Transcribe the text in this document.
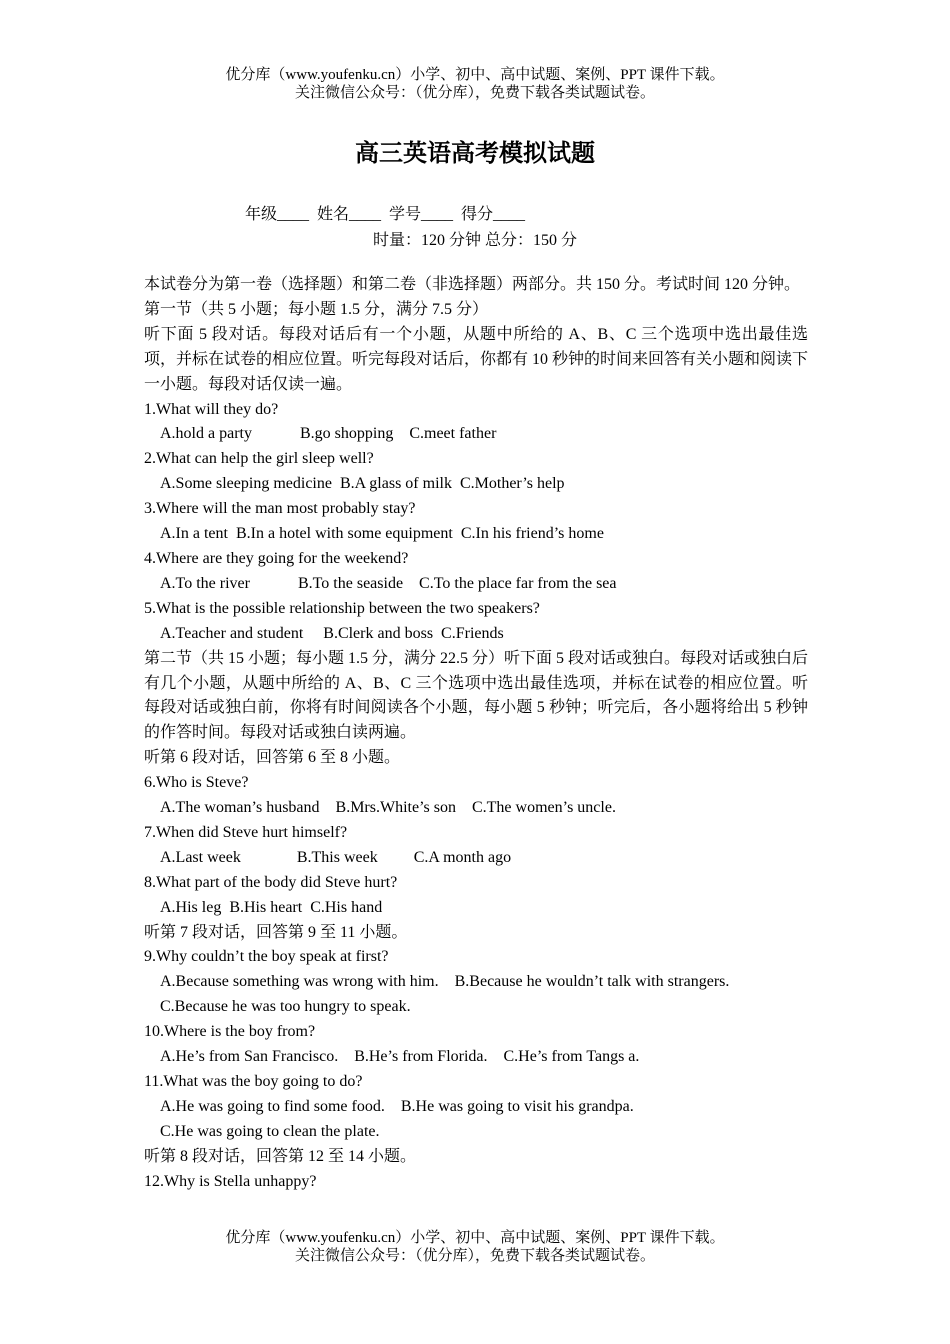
优分库（www.youfenku.cn）小学、初中、高中试题、案例、PPT 课件下载。
关注微信公众号：（优分库），免费下载各类试题试卷。
高三英语高考模拟试题
年级____  姓名____  学号____  得分____
时量：120 分钟 总分：150 分

本试卷分为第一卷（选择题）和第二卷（非选择题）两部分。共 150 分。考试时间 120 分钟。

第一节（共 5 小题；每小题 1.5 分，满分 7.5 分）

听下面 5 段对话。每段对话后有一个小题，从题中所给的 A、B、C 三个选项中选出最佳选项，并标在试卷的相应位置。听完每段对话后，你都有 10 秒钟的时间来回答有关小题和阅读下一小题。每段对话仅读一遍。

1.What will they do?

A.hold a party            B.go shopping    C.meet father

2.What can help the girl sleep well?

A.Some sleeping medicine  B.A glass of milk  C.Mother’s help

3.Where will the man most probably stay?

A.In a tent  B.In a hotel with some equipment  C.In his friend’s home

4.Where are they going for the weekend?

A.To the river            B.To the seaside    C.To the place far from the sea

5.What is the possible relationship between the two speakers?

A.Teacher and student     B.Clerk and boss  C.Friends

第二节（共 15 小题；每小题 1.5 分，满分 22.5 分）听下面 5 段对话或独白。每段对话或独白后有几个小题，从题中所给的 A、B、C 三个选项中选出最佳选项，并标在试卷的相应位置。听每段对话或独白前，你将有时间阅读各个小题，每小题 5 秒钟；听完后，各小题将给出 5 秒钟的作答时间。每段对话或独白读两遍。

听第 6 段对话，回答第 6 至 8 小题。

6.Who is Steve?

A.The woman’s husband    B.Mrs.White’s son    C.The women’s uncle.

7.When did Steve hurt himself?

A.Last week              B.This week         C.A month ago

8.What part of the body did Steve hurt?

A.His leg  B.His heart  C.His hand

听第 7 段对话，回答第 9 至 11 小题。

9.Why couldn’t the boy speak at first?

A.Because something was wrong with him.    B.Because he wouldn’t talk with strangers.

C.Because he was too hungry to speak.

10.Where is the boy from?

A.He’s from San Francisco.    B.He’s from Florida.    C.He’s from Tangs a.

11.What was the boy going to do?

A.He was going to find some food.    B.He was going to visit his grandpa.

C.He was going to clean the plate.

听第 8 段对话，回答第 12 至 14 小题。

12.Why is Stella unhappy?

优分库（www.youfenku.cn）小学、初中、高中试题、案例、PPT 课件下载。
关注微信公众号：（优分库），免费下载各类试题试卷。
